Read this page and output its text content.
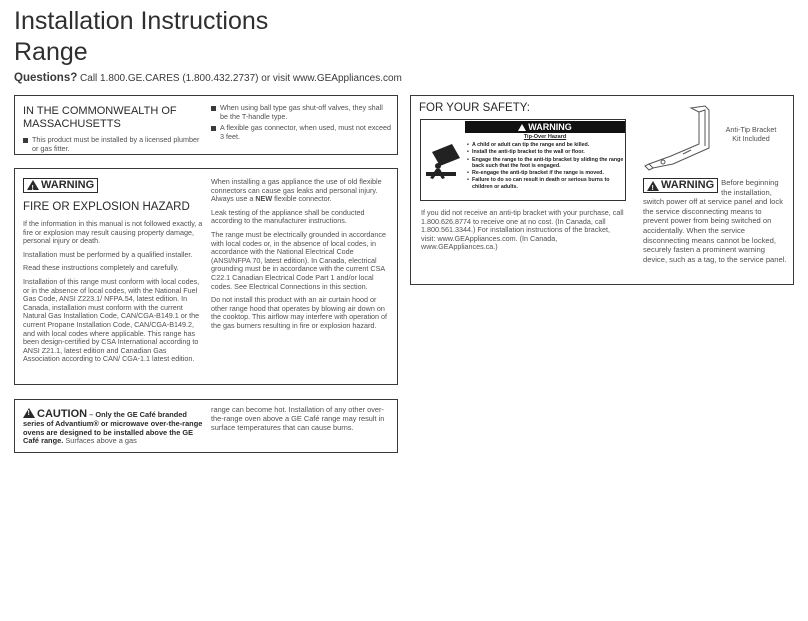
Installation Instructions
Range
Questions? Call 1.800.GE.CARES (1.800.432.2737) or visit www.GEAppliances.com
IN THE COMMONWEALTH OF
MASSACHUSETTS
This product must be installed by a licensed plumber or gas fitter.
When using ball type gas shut-off valves, they shall be the T-handle type.
A flexible gas connector, when used, must not exceed 3 feet.
!
WARNING
FIRE OR EXPLOSION HAZARD

If the information in this manual is not followed exactly, a fire or explosion may result causing property damage, personal injury or death.

Installation must be performed by a qualified installer.

Read these instructions completely and carefully.

Installation of this range must conform with local codes, or in the absence of local codes, with the National Fuel Gas Code, ANSI Z223.1/ NFPA.54, latest edition. In Canada, installation must conform with the current Natural Gas Installation Code, CAN/CGA-B149.1 or the current Propane Installation Code, CAN/CGA-B149.2, and with local codes where applicable. This range has been design-certified by CSA International according to ANSI Z21.1, latest edition and Canadian Gas Association according to CAN/ CGA-1.1 latest edition.

When installing a gas appliance the use of old flexible connectors can cause gas leaks and personal injury. Always use a NEW flexible connector.

Leak testing of the appliance shall be conducted according to the manufacturer instructions.

The range must be electrically grounded in accordance with local codes or, in the absence of local codes, in accordance with the National Electrical Code (ANSI/NFPA 70, latest edition). In Canada, electrical grounding must be in accordance with the current CSA C22.1 Canadian Electrical Code Part 1 and/or local codes. See Electrical Connections in this section.

Do not install this product with an air curtain hood or other range hood that operates by blowing air down on the cooktop. This airflow may interfere with operation of the gas burners resulting in fire or explosion hazard.

!CAUTION – Only the GE Café branded series of Advantium® or microwave over-the-range ovens are designed to be installed above the GE Café range. Surfaces above a gas
range can become hot. Installation of any other over-the-range oven above a GE Café range may result in surface temperatures that can cause burns.
FOR YOUR SAFETY:
If you did not receive an anti-tip bracket with your purchase, call 1.800.626.8774 to receive one at no cost. (In Canada, call 1.800.561.3344.) For installation instructions of the bracket, visit: www.GEAppliances.com. (In Canada, www.GEAppliances.ca.)
Anti-Tip Bracket
Kit Included
!
WARNING Before beginning the installation, switch power off at service panel and lock the service disconnecting means to prevent power from being switched on accidentally. When the service disconnecting means cannot be locked, securely fasten a prominent warning device, such as a tag, to the service panel.
WARNING
Tip-Over Hazard
• A child or adult can tip the range and be killed.
• Install the anti-tip bracket to the wall or floor.
• Engage the range to the anti-tip bracket by sliding the range back such that the foot is engaged.
• Re-engage the anti-tip bracket if the range is moved.
• Failure to do so can result in death or serious burns to children or adults.
